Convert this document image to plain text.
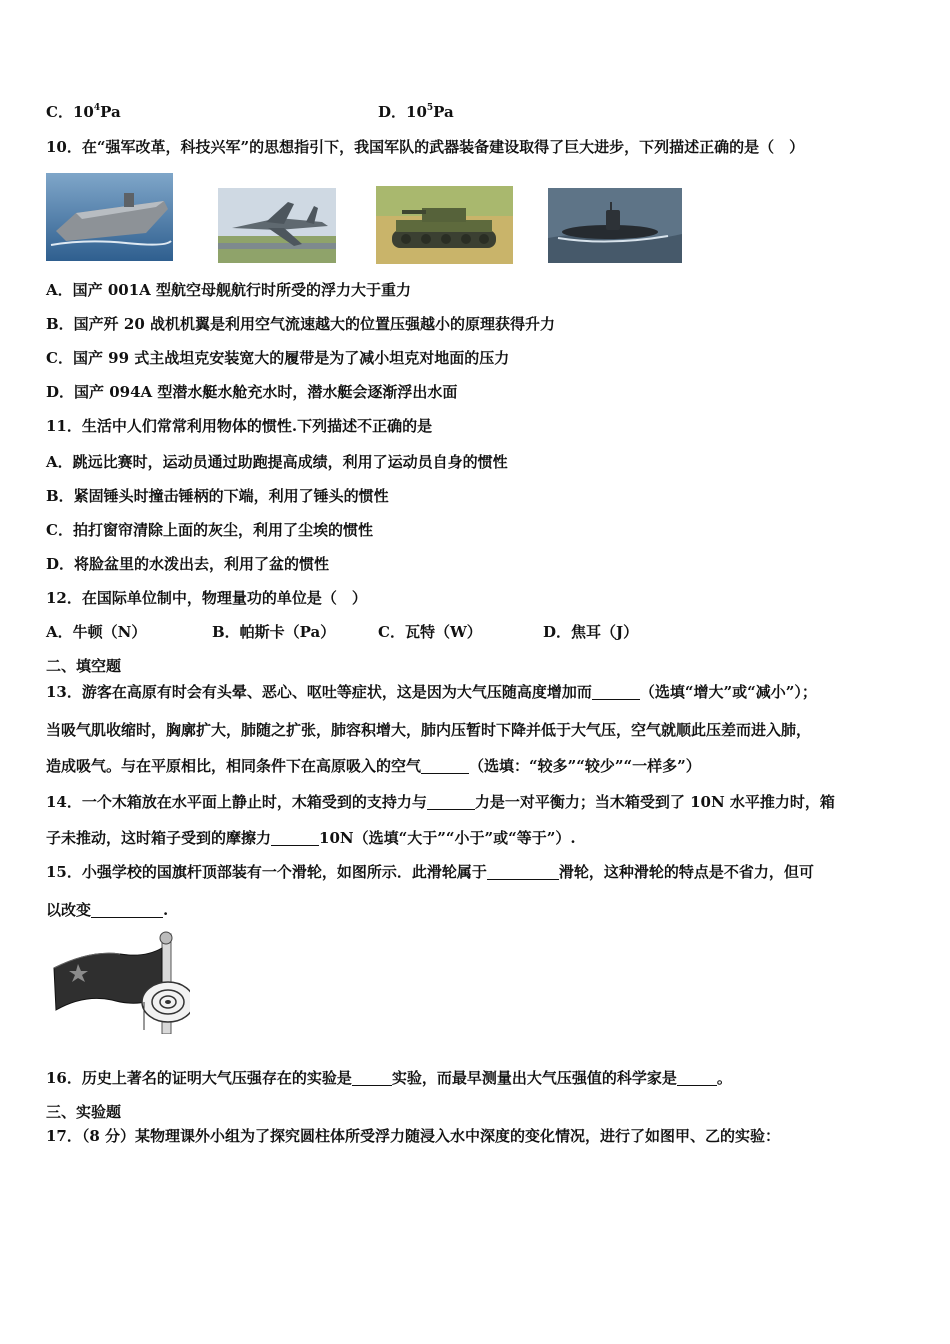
C．$10^4Pa$	D．$10^5Pa$
10．在“强军改革，科技兴军”的思想指引下，我国军队的武器装备建设取得了巨大进步，下列描述正确的是（　）
A．国产 001A 型航空母舰航行时所受的浮力大于重力
B．国产歼 20 战机机翼是利用空气流速越大的位置压强越小的原理获得升力
C．国产 99 式主战坦克安装宽大的履带是为了减小坦克对地面的压力
D．国产 094A 型潜水艇水舱充水时，潜水艇会逐渐浮出水面
11．生活中人们常常利用物体的惯性.下列描述不正确的是
A．跳远比赛时，运动员通过助跑提高成绩，利用了运动员自身的惯性
B．紧固锤头时撞击锤柄的下端，利用了锤头的惯性
C．拍打窗帘清除上面的灰尘，利用了尘埃的惯性
D．将脸盆里的水泼出去，利用了盆的惯性
12．在国际单位制中，物理量功的单位是（　）
A．牛顿（N）	B．帕斯卡（Pa）	C．瓦特（W）	D．焦耳（J）
二、填空题
13．游客在高原有时会有头晕、恶心、呕吐等症状，这是因为大气压随高度增加而	（选填“增大”或“减小”）；
当吸气肌收缩时，胸廓扩大，肺随之扩张，肺容积增大，肺内压暂时下降并低于大气压，空气就顺此压差而进入肺，
造成吸气。与在平原相比，相同条件下在高原吸入的空气	（选填：“较多”“较少”“一样多”）
14．一个木箱放在水平面上静止时，木箱受到的支持力与	力是一对平衡力；当木箱受到了 10N 水平推力时，箱
子未推动，这时箱子受到的摩擦力	10N（选填“大于”“小于”或“等于”）.
15．小强学校的国旗杆顶部装有一个滑轮，如图所示．此滑轮属于	滑轮，这种滑轮的特点是不省力，但可
以改变	.
16．历史上著名的证明大气压强存在的实验是	实验，而最早测量出大气压强值的科学家是	。
三、实验题
17．（8 分）某物理课外小组为了探究圆柱体所受浮力随浸入水中深度的变化情况，进行了如图甲、乙的实验：
